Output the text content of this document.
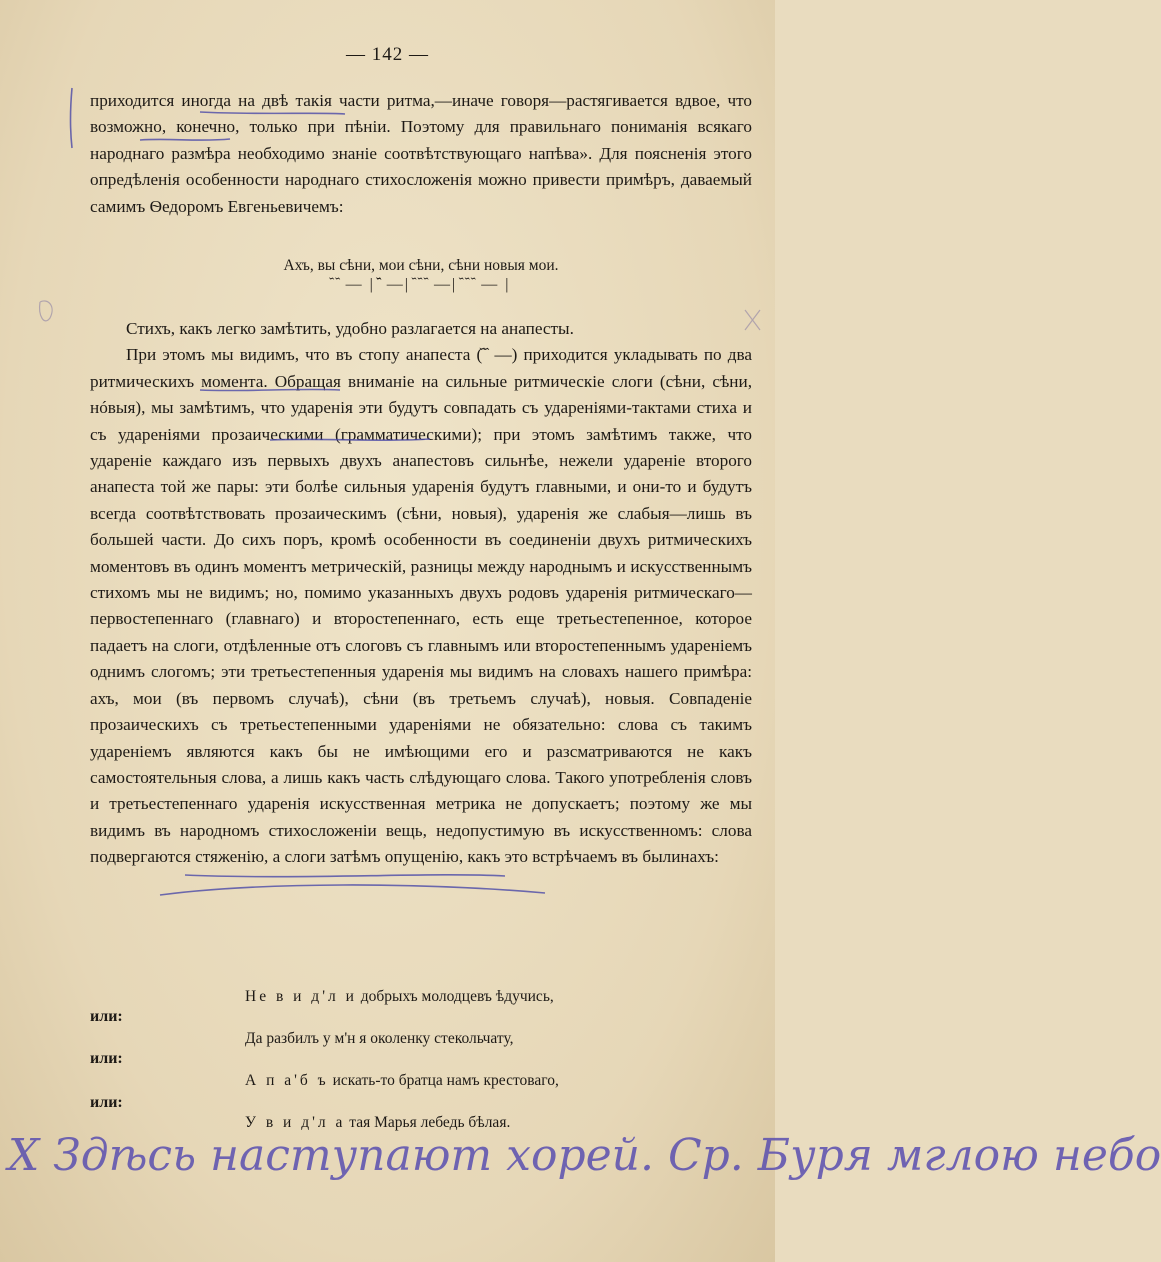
— 142 —

приходится иногда на двѣ такія части ритма,—иначе говоря—растягивается вдвое, что возможно, конечно, только при пѣніи. Поэтому для правильнаго пониманія всякаго народнаго размѣра необходимо знаніе соотвѣтствующаго напѣва». Для поясненія этого опредѣленія особенности народнаго стихосложенія можно привести примѣръ, даваемый самимъ Ѳедоромъ Евгеньевичемъ:

Ахъ, вы сѣни, мои сѣни, сѣни новыя мои.
᷈ ᷈ — | ᷈᷈᷈ —| ᷈ ᷈ ᷈ —| ᷈ ᷈ ᷈ — |

Стихъ, какъ легко замѣтить, удобно разлагается на анапесты.

При этомъ мы видимъ, что въ стопу анапеста (᷈ ᷈ —) приходится укладывать по два ритмическихъ момента. Обращая вниманіе на сильные ритмическіе слоги (сѣни, сѣни, нóвыя), мы замѣтимъ, что ударенія эти будутъ совпадать съ удареніями-тактами стиха и съ удареніями прозаическими (грамматическими); при этомъ замѣтимъ также, что удареніе каждаго изъ первыхъ двухъ анапестовъ сильнѣе, нежели удареніе второго анапеста той же пары: эти болѣе сильныя ударенія будутъ главными, и они-то и будутъ всегда соотвѣтствовать прозаическимъ (сѣни, новыя), ударенія же слабыя—лишь въ большей части. До сихъ поръ, кромѣ особенности въ соединеніи двухъ ритмическихъ моментовъ въ одинъ моментъ метрическій, разницы между народнымъ и искусственнымъ стихомъ мы не видимъ; но, помимо указанныхъ двухъ родовъ ударенія ритмическаго—первостепеннаго (главнаго) и второстепеннаго, есть еще третьестепенное, которое падаетъ на слоги, отдѣленные отъ слоговъ съ главнымъ или второстепеннымъ удареніемъ однимъ слогомъ; эти третьестепенныя ударенія мы видимъ на словахъ нашего примѣра: ахъ, мои (въ первомъ случаѣ), сѣни (въ третьемъ случаѣ), новыя. Совпаденіе прозаическихъ съ третьестепенными удареніями не обязательно: слова съ такимъ удареніемъ являются какъ бы не имѣющими его и разсматриваются не какъ самостоятельныя слова, а лишь какъ часть слѣдующаго слова. Такого употребленія словъ и третьестепеннаго ударенія искусственная метрика не допускаетъ; поэтому же мы видимъ въ народномъ стихосложеніи вещь, недопустимую въ искусственномъ: слова подвергаются стяженію, а слоги затѣмъ опущенію, какъ это встрѣчаемъ въ былинахъ:

Нe в и д'л и добрыхъ молодцевъ ѣдучись,
или:
Да разбилъ у м'н я околенку стекольчату,
или:
А п а'б ъ искать-то братца намъ крестоваго,
или:
У в и д'л а тая Марья лебедь бѣлая.
Х Здѣсь наступают хорей. Ср. Буря мглою небо
